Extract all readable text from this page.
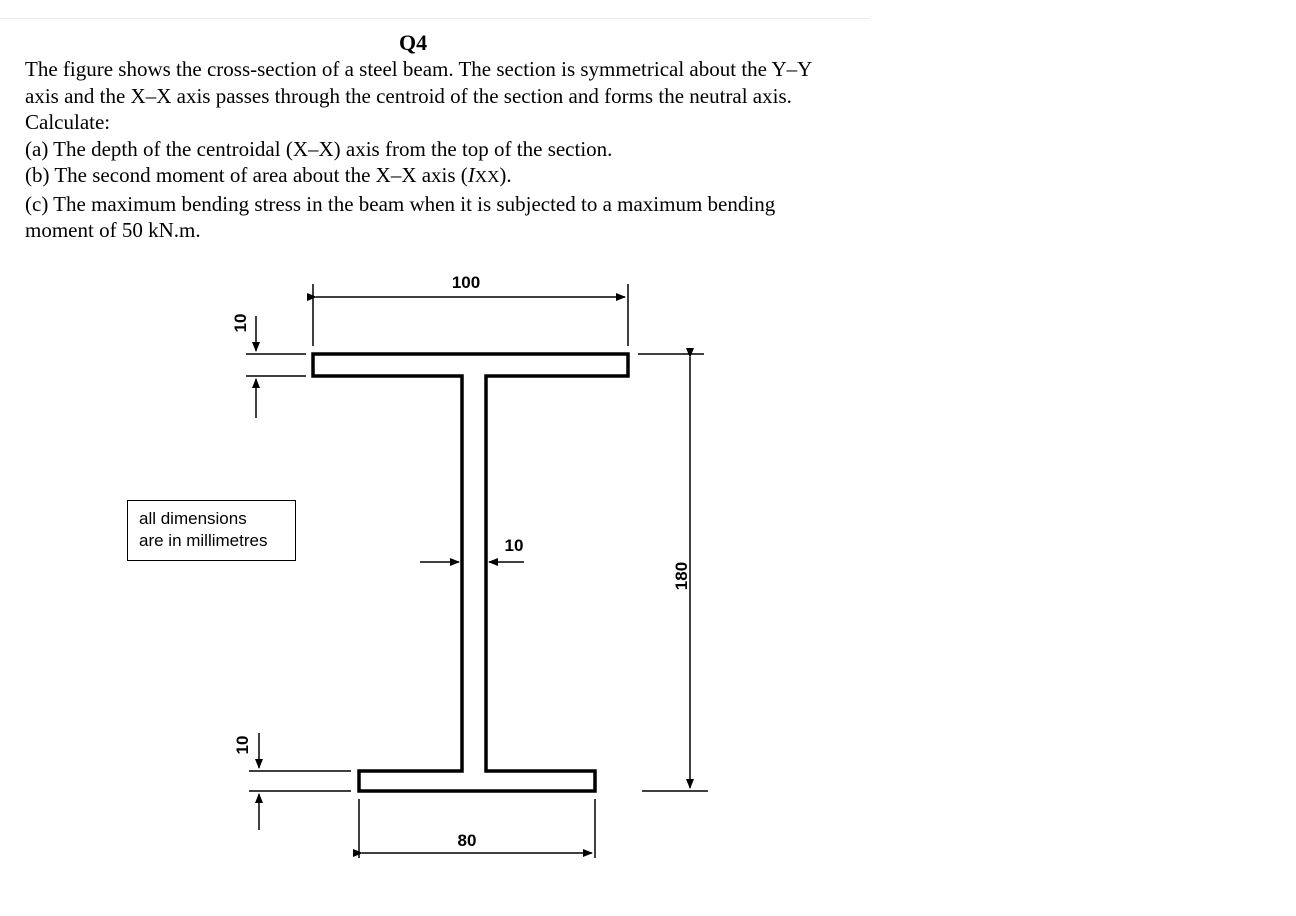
Q4

The figure shows the cross-section of a steel beam. The section is symmetrical about the Y–Y axis and the X–X axis passes through the centroid of the section and forms the neutral axis. Calculate:

(a) The depth of the centroidal (X–X) axis from the top of the section.

(b) The second moment of area about the X–X axis (IXX).

(c) The maximum bending stress in the beam when it is subjected to a maximum bending moment of 50 kN.m.

100
80
10
10
10
180
all dimensions
are in millimetres
